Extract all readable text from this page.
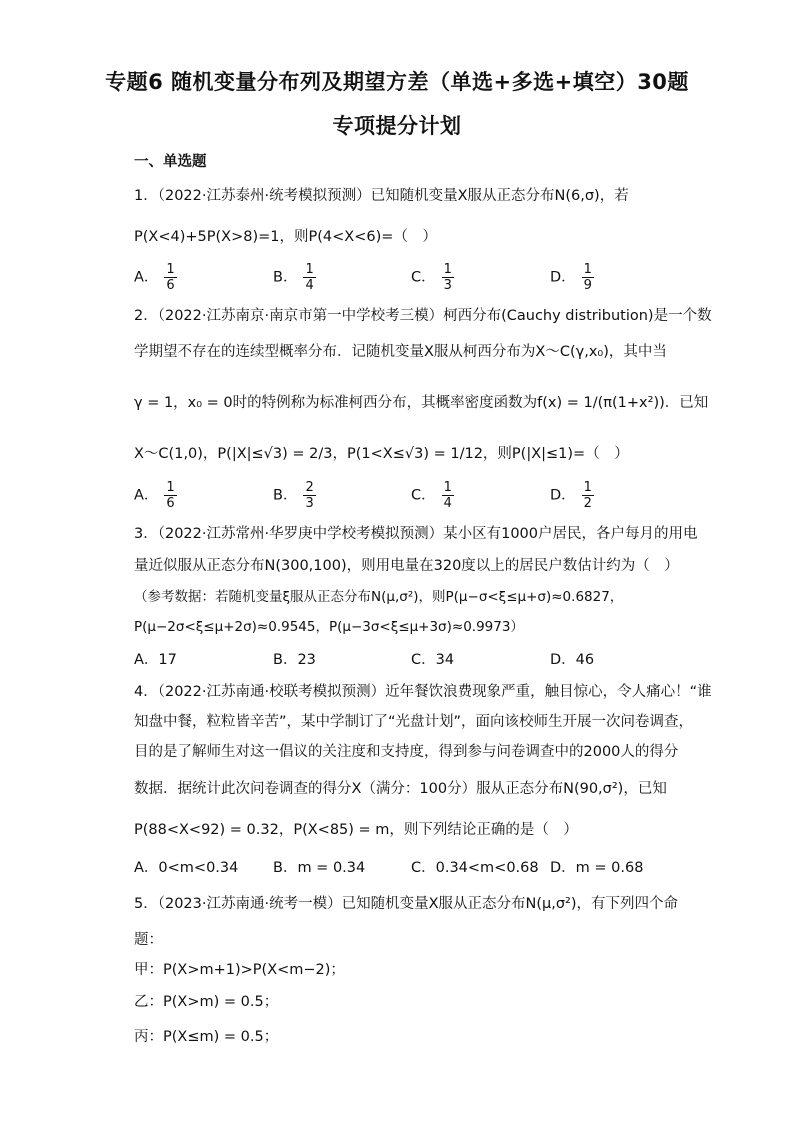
专题6 随机变量分布列及期望方差（单选+多选+填空）30题
专项提分计划
一、单选题
1．（2022·江苏泰州·统考模拟预测）已知随机变量X服从正态分布N(6,σ)，若
P(X<4)+5P(X>8)=1，则P(4<X<6)=（　）
A． $\frac{1}{6}$	B． $\frac{1}{4}$	C． $\frac{1}{3}$	D． $\frac{1}{9}$
2．（2022·江苏南京·南京市第一中学校考三模）柯西分布(Cauchy distribution)是一个数
学期望不存在的连续型概率分布．记随机变量X服从柯西分布为X～C(γ,x₀)，其中当
γ = 1，x₀ = 0时的特例称为标准柯西分布，其概率密度函数为f(x) = 1/(π(1+x²))．已知
X～C(1,0)，P(|X|≤√3) = 2/3，P(1<X≤√3) = 1/12，则P(|X|≤1)=（　）
A． $\frac{1}{6}$	B． $\frac{2}{3}$	C． $\frac{1}{4}$	D． $\frac{1}{2}$
3．（2022·江苏常州·华罗庚中学校考模拟预测）某小区有1000户居民，各户每月的用电
量近似服从正态分布N(300,100)，则用电量在320度以上的居民户数估计约为（　）
（参考数据：若随机变量ξ服从正态分布N(μ,σ²)，则P(μ−σ<ξ≤μ+σ)≈0.6827，
P(μ−2σ<ξ≤μ+2σ)≈0.9545，P(μ−3σ<ξ≤μ+3σ)≈0.9973）
A．17	B．23	C．34	D．46
4．（2022·江苏南通·校联考模拟预测）近年餐饮浪费现象严重，触目惊心，令人痛心！“谁
知盘中餐，粒粒皆辛苦”，某中学制订了“光盘计划”，面向该校师生开展一次问卷调查，
目的是了解师生对这一倡议的关注度和支持度，得到参与问卷调查中的2000人的得分
数据．据统计此次问卷调查的得分X（满分：100分）服从正态分布N(90,σ²)，已知
P(88<X<92) = 0.32，P(X<85) = m，则下列结论正确的是（　）
A．0<m<0.34 B．m = 0.34	C．0.34<m<0.68 D．m = 0.68
5．（2023·江苏南通·统考一模）已知随机变量X服从正态分布N(μ,σ²)，有下列四个命
题：
甲：P(X>m+1)>P(X<m−2)；
乙：P(X>m) = 0.5；
丙：P(X≤m) = 0.5；
